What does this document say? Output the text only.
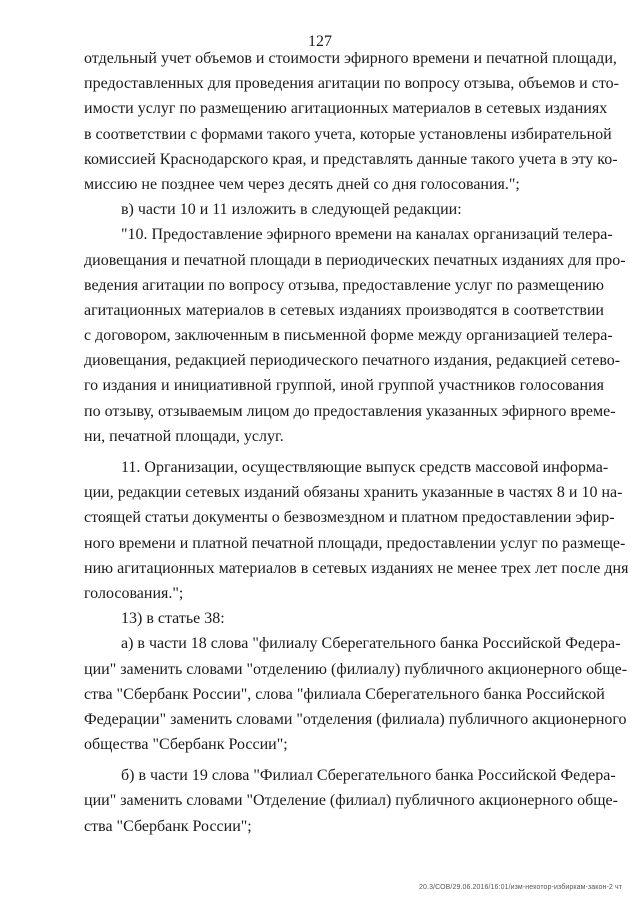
127
отдельный учет объемов и стоимости эфирного времени и печатной площади,
предоставленных для проведения агитации по вопросу отзыва, объемов и сто-
имости услуг по размещению агитационных материалов в сетевых изданиях
в соответствии с формами такого учета, которые установлены избирательной
комиссией Краснодарского края, и представлять данные такого учета в эту ко-
миссию не позднее чем через десять дней со дня голосования.";
в) части 10 и 11 изложить в следующей редакции:
"10. Предоставление эфирного времени на каналах организаций телера-
диовещания и печатной площади в периодических печатных изданиях для про-
ведения агитации по вопросу отзыва, предоставление услуг по размещению
агитационных материалов в сетевых изданиях производятся в соответствии
с договором, заключенным в письменной форме между организацией телера-
диовещания, редакцией периодического печатного издания, редакцией сетево-
го издания и инициативной группой, иной группой участников голосования
по отзыву, отзываемым лицом до предоставления указанных эфирного време-
ни, печатной площади, услуг.
11. Организации, осуществляющие выпуск средств массовой информа-
ции, редакции сетевых изданий обязаны хранить указанные в частях 8 и 10 на-
стоящей статьи документы о безвозмездном и платном предоставлении эфир-
ного времени и платной печатной площади, предоставлении услуг по размеще-
нию агитационных материалов в сетевых изданиях не менее трех лет после дня
голосования.";
13) в статье 38:
а) в части 18 слова "филиалу Сберегательного банка Российской Федера-
ции" заменить словами "отделению (филиалу) публичного акционерного обще-
ства "Сбербанк России", слова "филиала Сберегательного банка Российской
Федерации" заменить словами "отделения (филиала) публичного акционерного
общества "Сбербанк России";
б) в части 19 слова "Филиал Сберегательного банка Российской Федера-
ции" заменить словами "Отделение (филиал) публичного акционерного обще-
ства "Сбербанк России";
20.3/СОВ/29.06.2016/16:01/изм-некотор-избиркам-закон-2 чт
